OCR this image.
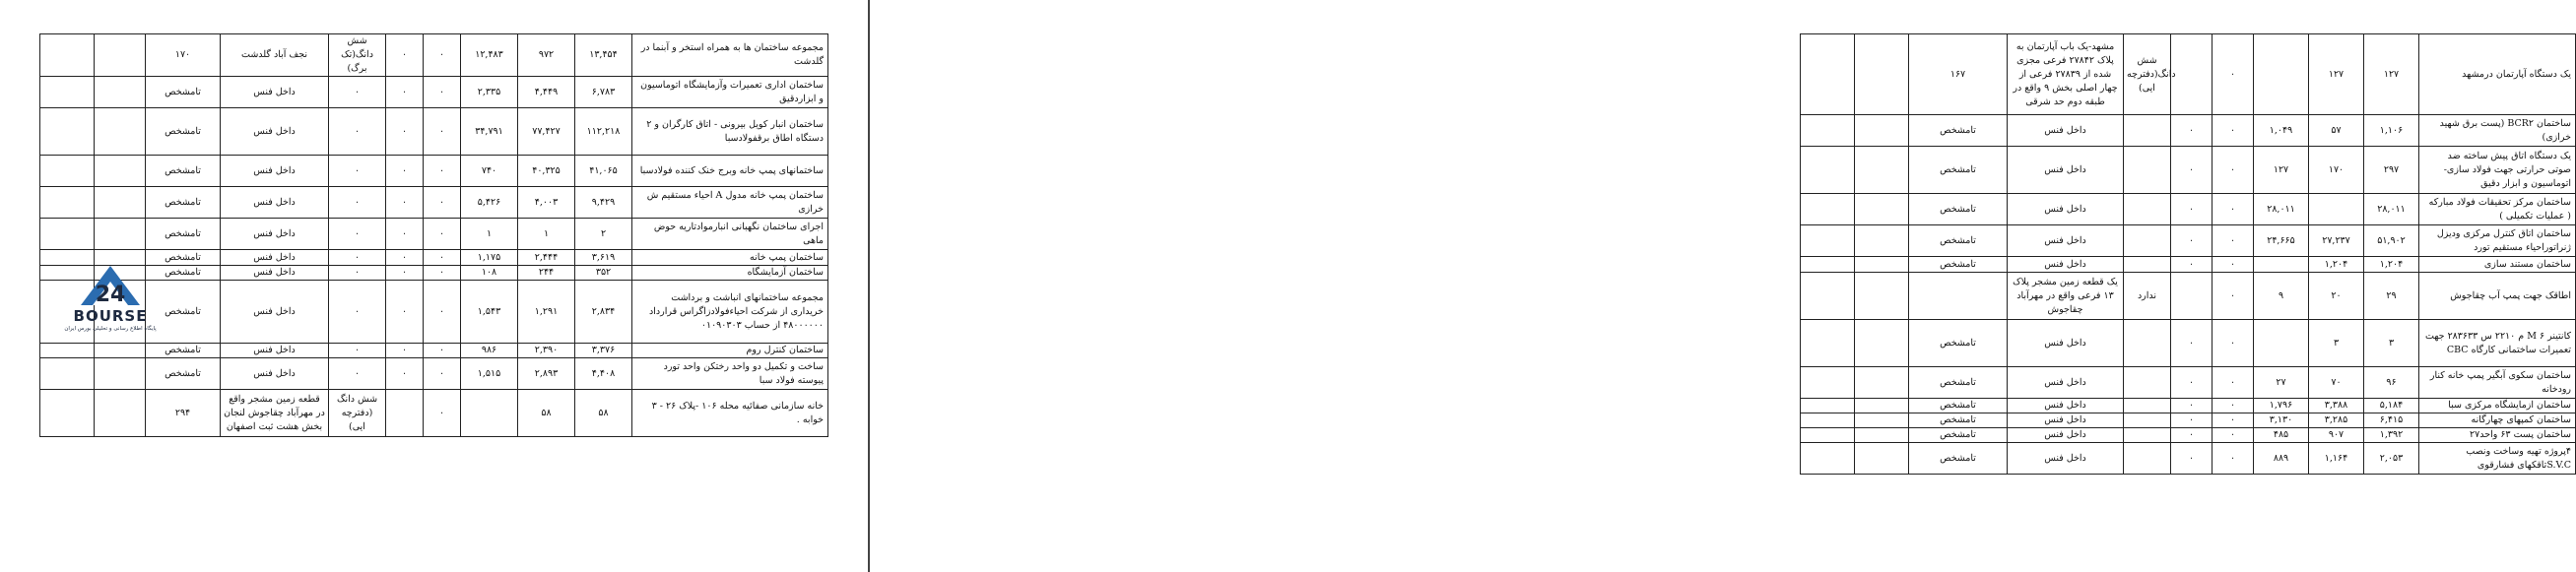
		۱۷۰	نجف آباد گلدشت	شش دانگ(تک برگ)	۰	۰	۱۲,۴۸۳	۹۷۲	۱۳,۴۵۴	مجموعه ساختمان ها به همراه استخر و آبنما در گلدشت
		تامشخص	داخل فنس	۰	۰	۰	۲,۳۳۵	۴,۴۴۹	۶,۷۸۳	ساختمان اداری تعمیرات وآزمایشگاه اتوماسیون و ابزاردقیق
		تامشخص	داخل فنس	۰	۰	۰	۳۴,۷۹۱	۷۷,۴۲۷	۱۱۲,۲۱۸	ساختمان انبار کویل بیرونی - اتاق کارگران و ۲ دستگاه اطاق برقفولادسبا
		تامشخص	داخل فنس	۰	۰	۰	۷۴۰	۴۰,۳۲۵	۴۱,۰۶۵	ساختمانهای پمپ خانه وبرج خنک کننده فولادسبا
		تامشخص	داخل فنس	۰	۰	۰	۵,۴۲۶	۴,۰۰۳	۹,۴۲۹	ساختمان پمپ خانه مدول A احیاء مستقیم ش خرازی
		تامشخص	داخل فنس	۰	۰	۰	۱	۱	۲	اجرای ساختمان نگهبانی انبارموادتاریه حوض ماهی
		تامشخص	داخل فنس	۰	۰	۰	۱,۱۷۵	۲,۴۴۴	۳,۶۱۹	ساختمان پمپ خانه
		تامشخص	داخل فنس	۰	۰	۰	۱۰۸	۲۴۴	۳۵۲	ساختمان آزمایشگاه
		تامشخص	داخل فنس	۰	۰	۰	۱,۵۴۳	۱,۲۹۱	۲,۸۳۴	مجموعه ساختمانهای انباشت و برداشت خریداری از شرکت احیاءفولادزاگراس قرارداد ۴۸۰۰۰۰۰۰ از حساب ۰۱۰۹۰۳۰۳
		تامشخص	داخل فنس	۰	۰	۰	۹۸۶	۲,۳۹۰	۳,۳۷۶	ساختمان کنترل روم
		تامشخص	داخل فنس	۰	۰	۰	۱,۵۱۵	۲,۸۹۳	۴,۴۰۸	ساخت و تکمیل دو واحد رختکن واحد تورد پیوسته فولاد سبا
		۲۹۴	قطعه زمین مشجر واقع در مهرآباد چقاجوش لنجان بخش هشت ثبت اصفهان	شش دانگ (دفترچه ایی)		۰		۵۸	۵۸	خانه سازمانی صفائیه محله ۱۰۶ -پلاک ۲۶ - ۳ خوابه .
24
BOURSE
پایگاه اطلاع رسانی و تحلیلی بورس ایران
		۱۶۷	مشهد-یک باب آپارتمان به پلاک ۲۷۸۴۲ فرعی مجزی شده از ۲۷۸۳۹ فرعی از چهار اصلی بخش ۹ واقع در طبقه دوم حد شرقی	شش دانگ(دفترچه ایی)		۰		۱۲۷	۱۲۷	یک دستگاه آپارتمان درمشهد
		تامشخص	داخل فنس		۰	۰	۱,۰۴۹	۵۷	۱,۱۰۶	ساختمان BCR۲ (پست برق شهید خرازی)
		تامشخص	داخل فنس		۰	۰	۱۲۷	۱۷۰	۲۹۷	یک دستگاه اتاق پیش ساخته ضد صوتی حرارتی جهت فولاد سازی- اتوماسیون و ابزار دقیق
		تامشخص	داخل فنس		۰	۰	۲۸,۰۱۱		۲۸,۰۱۱	ساختمان مرکز تحقیقات فولاد مبارکه ( عملیات تکمیلی )
		تامشخص	داخل فنس		۰	۰	۲۴,۶۶۵	۲۷,۲۳۷	۵۱,۹۰۲	ساختمان اتاق کنترل مرکزی ودیزل ژنراتوراحیاء مستقیم تورد
		تامشخص	داخل فنس		۰	۰		۱,۲۰۴	۱,۲۰۴	ساختمان مستند سازی
			یک قطعه زمین مشجر پلاک ۱۳ فرعی واقع در مهرآباد چقاجوش	ندارد		۰	۹	۲۰	۲۹	اطاقک جهت پمپ آب چقاجوش
		تامشخص	داخل فنس		۰	۰		۳	۳	کانتینر ۶ M م ۲۲۱۰ س ۲۸۳۶۳۳ جهت تعمیرات ساختمانی کارگاه CBC
		تامشخص	داخل فنس		۰	۰	۲۷	۷۰	۹۶	ساختمان سکوی آبگیر پمپ خانه کنار رودخانه
		تامشخص	داخل فنس		۰	۰	۱,۷۹۶	۳,۳۸۸	۵,۱۸۴	ساختمان ازمایشگاه مرکزی سبا
		تامشخص	داخل فنس		۰	۰	۳,۱۳۰	۳,۲۸۵	۶,۴۱۵	ساختمان کمپهای چهارگانه
		تامشخص	داخل فنس		۰	۰	۴۸۵	۹۰۷	۱,۳۹۲	ساختمان پست ۶۳ واحد۲۷
		تامشخص	داخل فنس		۰	۰	۸۸۹	۱,۱۶۴	۲,۰۵۳	۴پروژه تهیه وساخت ونصب S.V.Cتاقکهای فشارقوی
